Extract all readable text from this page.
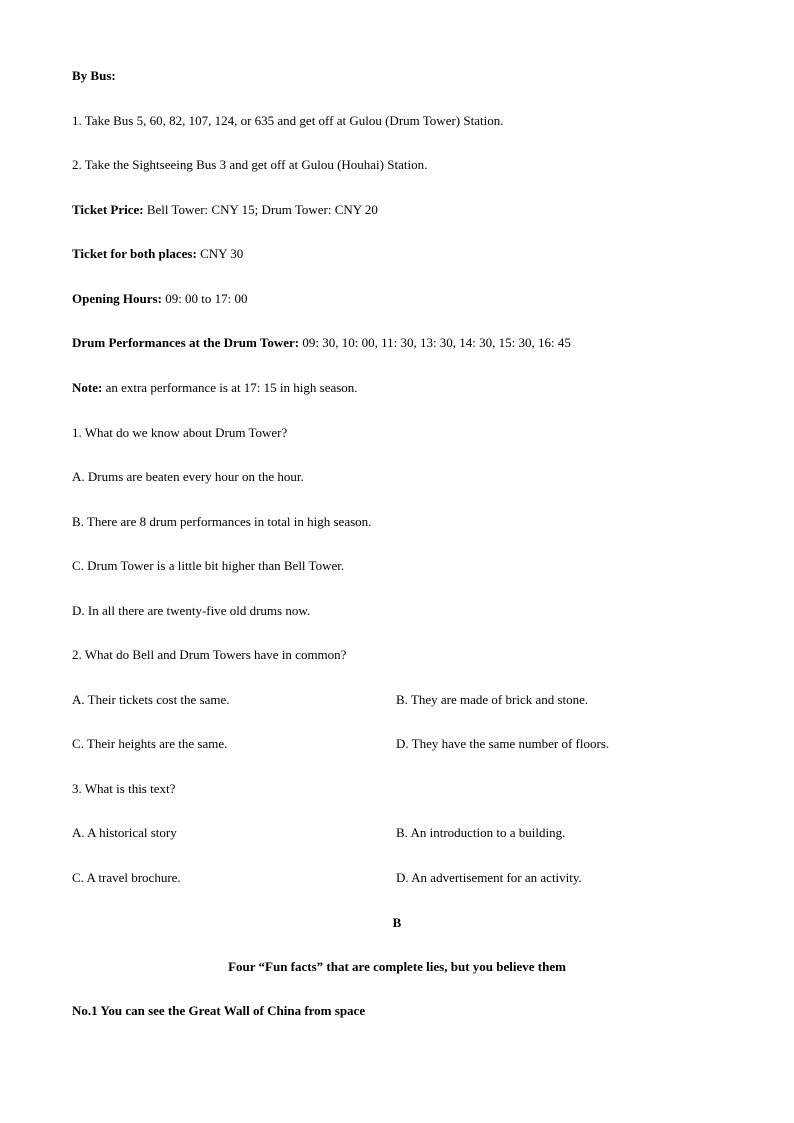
By Bus:
1. Take Bus 5, 60, 82, 107, 124, or 635 and get off at Gulou (Drum Tower) Station.
2. Take the Sightseeing Bus 3 and get off at Gulou (Houhai) Station.
Ticket Price: Bell Tower: CNY 15; Drum Tower: CNY 20
Ticket for both places: CNY 30
Opening Hours: 09: 00 to 17: 00
Drum Performances at the Drum Tower: 09: 30, 10: 00, 11: 30, 13: 30, 14: 30, 15: 30, 16: 45
Note: an extra performance is at 17: 15 in high season.
1. What do we know about Drum Tower?
A. Drums are beaten every hour on the hour.
B. There are 8 drum performances in total in high season.
C. Drum Tower is a little bit higher than Bell Tower.
D. In all there are twenty-five old drums now.
2. What do Bell and Drum Towers have in common?
A. Their tickets cost the same.	B. They are made of brick and stone.
C. Their heights are the same.	D. They have the same number of floors.
3. What is this text?
A. A historical story	B. An introduction to a building.
C. A travel brochure.	D. An advertisement for an activity.
B
Four “Fun facts” that are complete lies, but you believe them
No.1 You can see the Great Wall of China from space
